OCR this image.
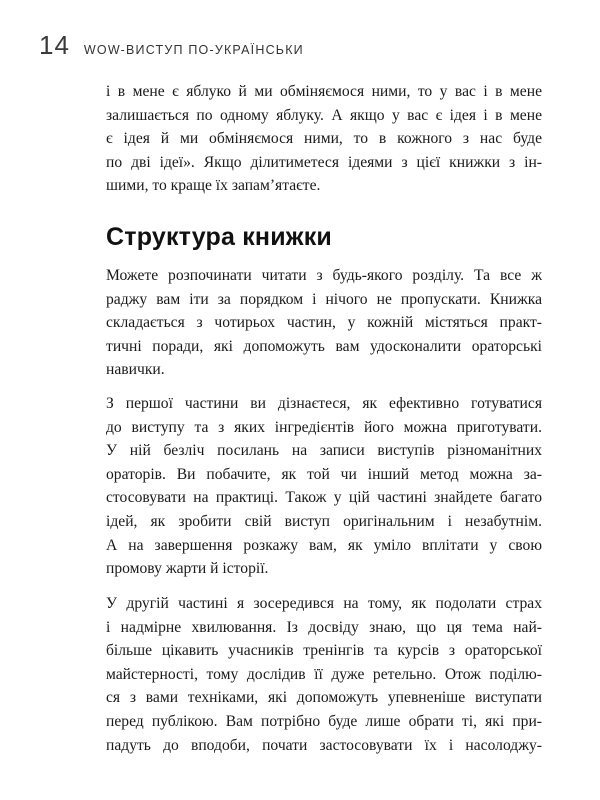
14 WOW-ВИСТУП ПО-УКРАЇНСЬКИ
і в мене є яблуко й ми обміняємося ними, то у вас і в мене
залишається по одному яблуку. А якщо у вас є ідея і в мене
є ідея й ми обміняємося ними, то в кожного з нас буде
по дві ідеї». Якщо ділитиметеся ідеями з цієї книжки з ін-
шими, то краще їх запам’ятаєте.
Структура книжки
Можете розпочинати читати з будь-якого розділу. Та все ж
раджу вам іти за порядком і нічого не пропускати. Книжка
складається з чотирьох частин, у кожній містяться практ-
тичні поради, які допоможуть вам удосконалити ораторські
навички.
З першої частини ви дізнаєтеся, як ефективно готуватися
до виступу та з яких інгредієнтів його можна приготувати.
У ній безліч посилань на записи виступів різноманітних
ораторів. Ви побачите, як той чи інший метод можна за-
стосовувати на практиці. Також у цій частині знайдете багато
ідей, як зробити свій виступ оригінальним і незабутнім.
А на завершення розкажу вам, як уміло вплітати у свою
промову жарти й історії.
У другій частині я зосередився на тому, як подолати страх
і надмірне хвилювання. Із досвіду знаю, що ця тема най-
більше цікавить учасників тренінгів та курсів з ораторської
майстерності, тому дослідив її дуже ретельно. Отож поділю-
ся з вами техніками, які допоможуть упевненіше виступати
перед публікою. Вам потрібно буде лише обрати ті, які при-
падуть до вподоби, почати застосовувати їх і насолоджу-
